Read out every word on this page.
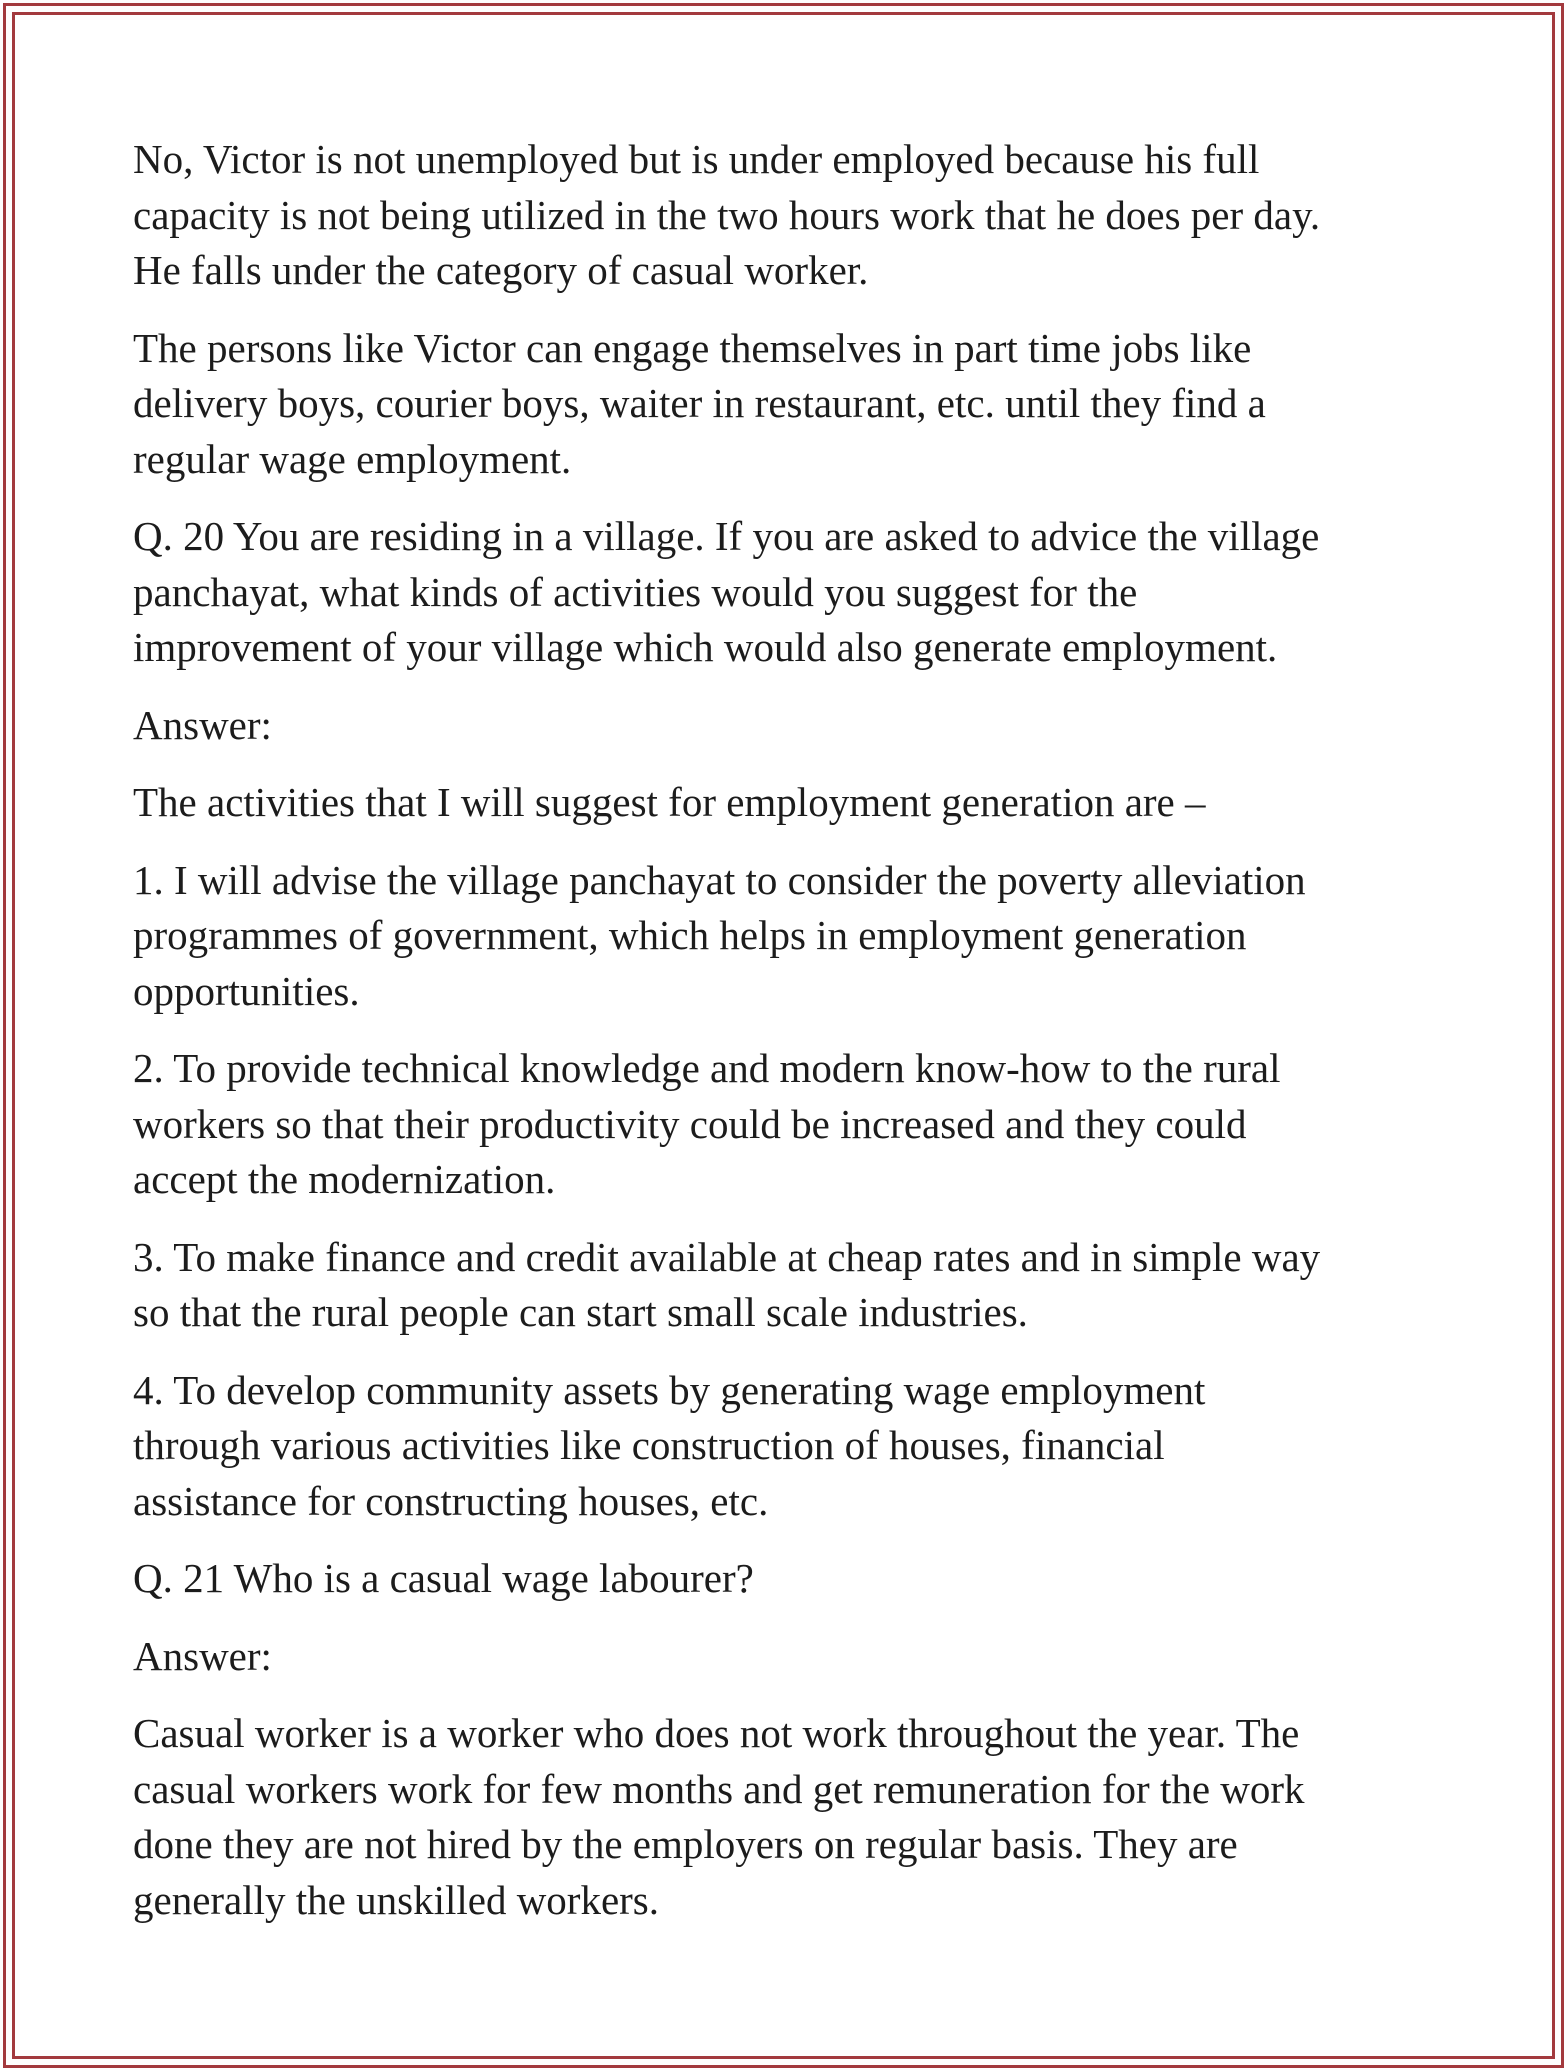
No, Victor is not unemployed but is under employed because his full
capacity is not being utilized in the two hours work that he does per day.
He falls under the category of casual worker.

The persons like Victor can engage themselves in part time jobs like
delivery boys, courier boys, waiter in restaurant, etc. until they find a
regular wage employment.

Q. 20 You are residing in a village. If you are asked to advice the village
panchayat, what kinds of activities would you suggest for the
improvement of your village which would also generate employment.

Answer:

The activities that I will suggest for employment generation are –

1. I will advise the village panchayat to consider the poverty alleviation
programmes of government, which helps in employment generation
opportunities.

2. To provide technical knowledge and modern know-how to the rural
workers so that their productivity could be increased and they could
accept the modernization.

3. To make finance and credit available at cheap rates and in simple way
so that the rural people can start small scale industries.

4. To develop community assets by generating wage employment
through various activities like construction of houses, financial
assistance for constructing houses, etc.

Q. 21 Who is a casual wage labourer?

Answer:

Casual worker is a worker who does not work throughout the year. The
casual workers work for few months and get remuneration for the work
done they are not hired by the employers on regular basis. They are
generally the unskilled workers.
